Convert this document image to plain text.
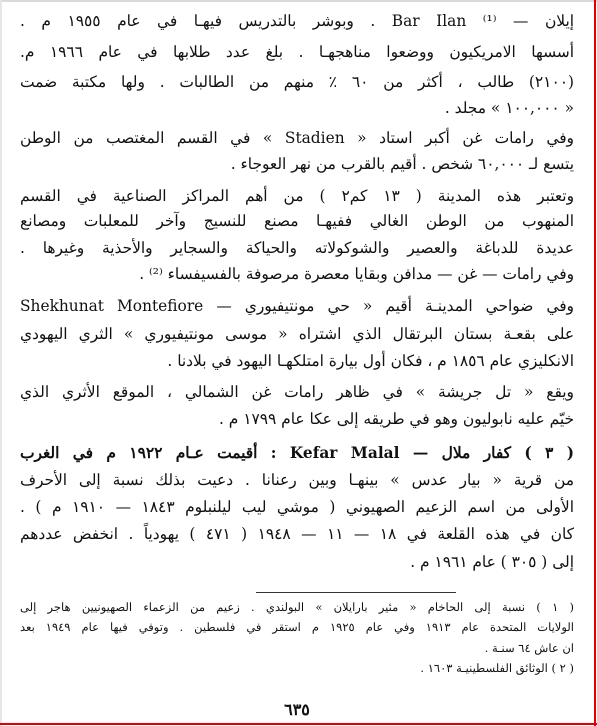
إيلان — Bar Ilan ⁽¹⁾ . وبوشر بالتدريس فيهـا في عام ١٩٥٥ م .
أسسها الامريكيون ووضعوا مناهجهـا . بلغ عدد طلابها في عام ١٩٦٦ م.
(٢١٠٠) طالب ، أكثر من ٦٠ ٪ منهم من الطالبات . ولها مكتبة ضمت
« ١٠٠,٠٠٠ » مجلد .
وفي رامات غن أكبر استاد « Stadien » في القسم المغتصب من الوطن
يتسع لـ ٦٠,٠٠٠ شخص . أقيم بالقرب من نهر العوجاء .
وتعتبر هذه المدينة ( ١٣ كم٢ ) من أهم المراكز الصناعية في القسم
المنهوب من الوطن الغالي ففيهـا مصنع للنسيج وآخر للمعلبات ومصانع
عديدة للدباغة والعصير والشوكولاته والحياكة والسجاير والأحذية وغيرها .
وفي رامات — غن — مدافن وبقايا معصرة مرصوفة بالفسيفساء ⁽²⁾ .
وفي ضواحي المدينـة أقيم « حي مونتيفيوري — Shekhunat Montefiore
على بقعـة بستان البرتقال الذي اشتراه « موسى مونتيفيوري » الثري اليهودي
الانكليزي عام ١٨٥٦ م ، فكان أول بيارة امتلكهـا اليهود في بلادنا .
ويقع « تل جريشة » في ظاهر رامات غن الشمالي ، الموقع الأثري الذي
خيّم عليه نابوليون وهو في طريقه إلى عكا عام ١٧٩٩ م .
( ٣ ) كفار ملال — Kefar Malal : أقيمت عـام ١٩٢٢ م في الغرب
من قرية « بيار عدس » بينهـا وبين رعنانا . دعيت بذلك نسبة إلى الأحرف
الأولى من اسم الزعيم الصهيوني ( موشي ليب ليلنبلوم ١٨٤٣ — ١٩١٠ م ) .
كان في هذه القلعة في ١٨ — ١١ — ١٩٤٨ ( ٤٧١ ) يهودياً . انخفض عددهم
إلى ( ٣٠٥ ) عام ١٩٦١ م .
( ١ ) نسبة إلى الحاخام « مئير بارايلان » البولندي . زعيم من الزعماء الصهيونيين هاجر إلى
الولايات المتحدة عام ١٩١٣ وفي عام ١٩٢٥ م استقر في فلسطين . وتوفي فيها عام ١٩٤٩ بعد
ان عاش ٦٤ سنـة .
( ٢ ) الوثائق الفلسطينيـة ١٦٠٣ .
٦٣٥
